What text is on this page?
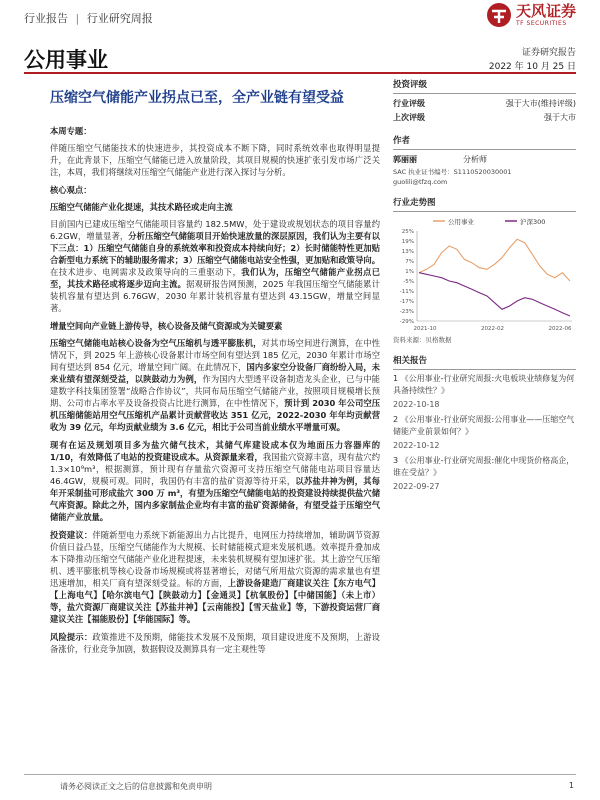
行业报告 | 行业研究周报	天风证券
TF SECURITIES
公用事业	证券研究报告
2022 年 10 月 25 日
压缩空气储能产业拐点已至，全产业链有望受益
本周专题：

伴随压缩空气储能技术的快速进步，其投资成本不断下降，同时系统效率也取得明显提升，在此背景下，压缩空气储能已进入放量阶段，其项目规模的快速扩张引发市场广泛关注，本周，我们将继续对压缩空气储能产业进行深入探讨与分析。

核心观点：
压缩空气储能产业化提速，其技术路径或走向主流

目前国内已建成压缩空气储能项目容量约 182.5MW，处于建设或规划状态的项目容量约 6.2GW，增量显著，分析压缩空气储能项目开始快速放量的深层原因，我们认为主要有以下三点：1）压缩空气储能自身的系统效率和投资成本持续向好；2）长时储能特性更加贴合新型电力系统下的辅助服务需求；3）压缩空气储能电站安全性强，更加贴和政策导向。在技术进步、电网需求及政策导向的三重驱动下，我们认为，压缩空气储能产业拐点已至，其技术路径或将逐步迈向主流。据观研报告网预测，2025 年我国压缩空气储能累计装机容量有望达到 6.76GW，2030 年累计装机容量有望达到 43.15GW，增量空间显著。

增量空间向产业链上游传导，核心设备及储气资源或为关键要素

压缩空气储能电站核心设备为空气压缩机与透平膨胀机，对其市场空间进行测算，在中性情况下，到 2025 年上游核心设备累计市场空间有望达到 185 亿元，2030 年累计市场空间有望达到 854 亿元，增量空间广阔。在此情况下，国内多家空分设备厂商纷纷入局，未来业绩有望深刻受益，以陕鼓动力为例，作为国内大型透平设备制造龙头企业，已与中能建数字科技集团签署“战略合作协议”，共同布局压缩空气储能产业，按照项目规模增长预期、公司市占率水平及设备投资占比进行测算，在中性情况下，预计到 2030 年公司空压机压缩储能站用空气压缩机产品累计贡献营收达 351 亿元，2022-2030 年年均贡献营收为 39 亿元，年均贡献业绩为 3.6 亿元，相比于公司当前业绩水平增量可观。

现有在运及规划项目多为盐穴储气技术，其储气库建设成本仅为地面压力容器库的 1/10，有效降低了电站的投资建设成本。从资源量来看，我国盐穴资源丰富，现有盐穴约 1.3×10⁹m³，根据测算，预计现有存量盐穴资源可支持压缩空气储能电站项目容量达 46.4GW，规模可观。同时，我国仍有丰富的盐矿资源等待开采，以苏盐井神为例，其每年开采制盐可形成盐穴 300 万 m³，有望为压缩空气储能电站的投资建设持续提供盐穴储气库资源。除此之外，国内多家制盐企业均有丰富的盐矿资源储备，有望受益于压缩空气储能产业放量。

投资建议：伴随新型电力系统下新能源出力占比提升，电网压力持续增加，辅助调节资源价值日益凸显，压缩空气储能作为大规模、长时储能模式迎来发展机遇。效率提升叠加成本下降推动压缩空气储能产业化进程提速，未来装机规模有望加速扩张。其上游空气压缩机、透平膨胀机等核心设备市场规模或将显著增长，对储气所用盐穴资源的需求量也有望迅速增加，相关厂商有望深刻受益。标的方面，上游设备建造厂商建议关注【东方电气】【上海电气】【哈尔滨电气】【陕鼓动力】【金通灵】【杭氧股份】【中储国能】（未上市）等，盐穴资源厂商建议关注【苏盐井神】【云南能投】【雪天盐业】等，下游投资运营厂商建议关注【福能股份】【华能国际】等。

风险提示：政策推进不及预期，储能技术发展不及预期，项目建设进度不及预期，上游设备涨价，行业竞争加剧，数据假设及测算具有一定主观性等

投资评级
行业评级	强于大市(维持评级)
上次评级	强于大市
作者
郭丽丽	分析师
SAC 执业证书编号：S1110520030001
guolili@tfzq.com
行业走势图
公用事业	沪深300
25%
19%
13%
7%
1%
-5%
-11%
-17%
-23%
-29%
2021-10	2022-02	2022-06
资料来源：贝格数据
相关报告
1 《公用事业-行业研究周报:火电板块业绩修复为何具备持续性？》
2022-10-18
2 《公用事业-行业研究周报:公用事业——压缩空气储能产业前景如何？》
2022-10-12
3 《公用事业-行业研究周报:催化中现货价格高企，谁在受益？》
2022-09-27
请务必阅读正文之后的信息披露和免责申明	1
